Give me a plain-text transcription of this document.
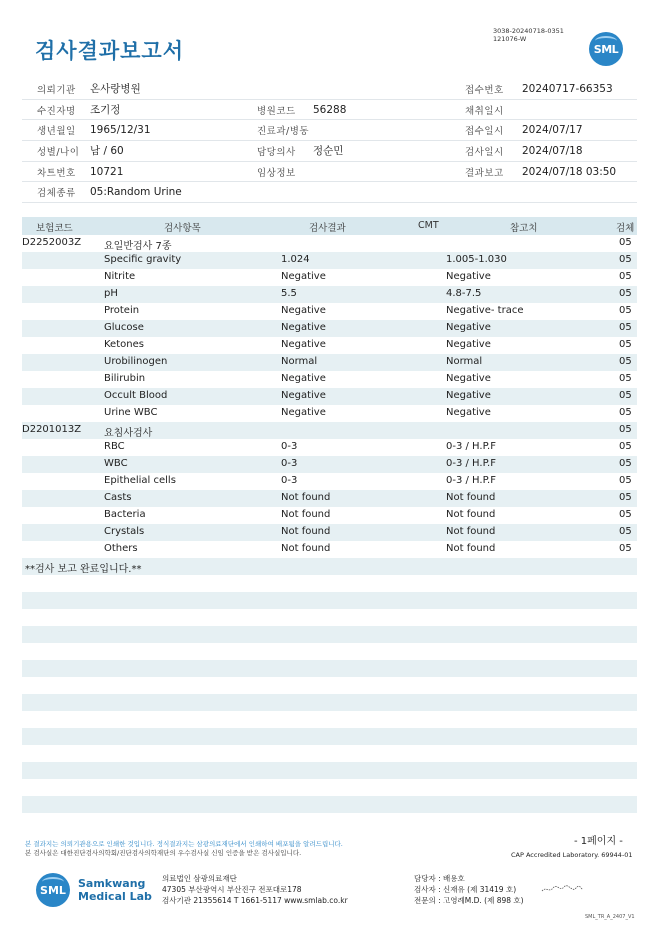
3038-20240718-0351
121076-W
검사결과보고서	SML
의뢰기관 온사랑병원	접수번호 20240717-66353
수진자명 조기정	병원코드 56288	채취일시
생년월일 1965/12/31	진료과/병동	접수일시 2024/07/17
성별/나이 남 / 60	담당의사 정순민	검사일시 2024/07/18
차트번호 10721	임상정보	결과보고 2024/07/18 03:50
검체종류 05:Random Urine
보험코드	검사항목	검사결과	CMT	참고치	검체
D2252003Z 요일반검사 7종	05
Specific gravity	1.024	1.005-1.030	05
Nitrite	Negative	Negative	05
pH	5.5	4.8-7.5	05
Protein	Negative	Negative- trace	05
Glucose	Negative	Negative	05
Ketones	Negative	Negative	05
Urobilinogen	Normal	Normal	05
Bilirubin	Negative	Negative	05
Occult Blood	Negative	Negative	05
Urine WBC	Negative	Negative	05
D2201013Z 요침사검사	05
RBC	0-3	0-3 / H.P.F	05
WBC	0-3	0-3 / H.P.F	05
Epithelial cells	0-3	0-3 / H.P.F	05
Casts	Not found	Not found	05
Bacteria	Not found	Not found	05
Crystals	Not found	Not found	05
Others	Not found	Not found	05
**검사 보고 완료입니다.**
본 결과지는 의뢰기관용으로 인쇄한 것입니다. 정식결과지는 삼광의료재단에서 인쇄하여 배포됨을 알려드립니다.
본 검사실은 대한진단검사의학회/진단검사의학재단의 우수검사실 신임 인증을 받은 검사실입니다.
- 1페이지 -
CAP Accredited Laboratory. 69944-01
SML	Samkwang
Medical Lab
의료법인 삼광의료재단
47305 부산광역시 부산진구 전포대로178
검사기관 21355614 T 1661-5117 www.smlab.co.kr
담당자 : 배용호
검사자 : 신재유 (제 31419 호)
전문의 : 고영례M.D. (제 898 호)
SML_TR_A_2407_V1
